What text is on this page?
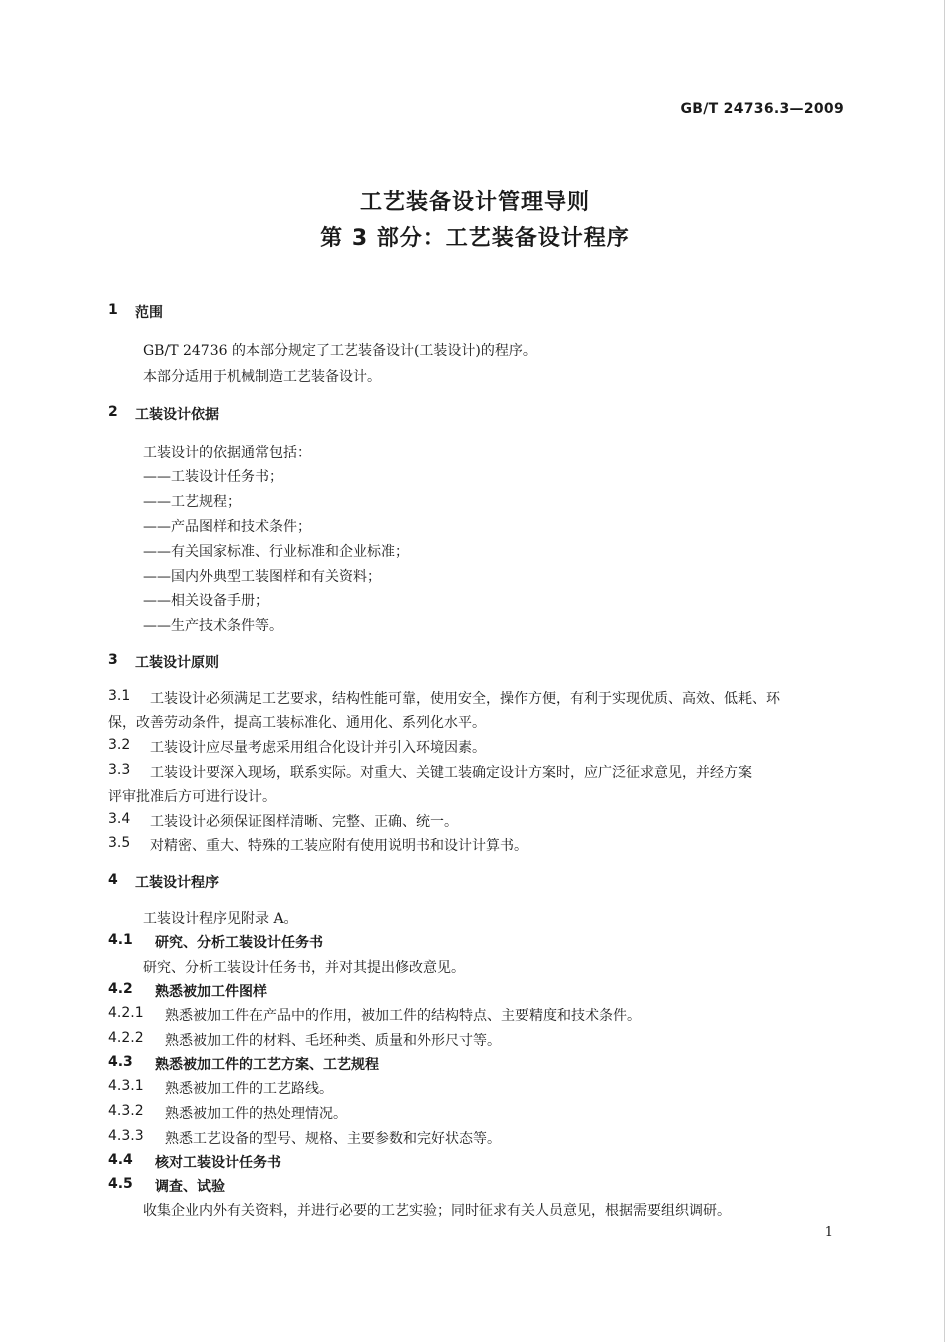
GB/T 24736.3—2009
工艺装备设计管理导则
第 3 部分：工艺装备设计程序
1 范围
GB/T 24736 的本部分规定了工艺装备设计(工装设计)的程序。
本部分适用于机械制造工艺装备设计。
2 工装设计依据
工装设计的依据通常包括：
——工装设计任务书；
——工艺规程；
——产品图样和技术条件；
——有关国家标准、行业标准和企业标准；
——国内外典型工装图样和有关资料；
——相关设备手册；
——生产技术条件等。
3 工装设计原则
3.1 工装设计必须满足工艺要求，结构性能可靠，使用安全，操作方便，有利于实现优质、高效、低耗、环
保，改善劳动条件，提高工装标准化、通用化、系列化水平。
3.2 工装设计应尽量考虑采用组合化设计并引入环境因素。
3.3 工装设计要深入现场，联系实际。对重大、关键工装确定设计方案时，应广泛征求意见，并经方案
评审批准后方可进行设计。
3.4 工装设计必须保证图样清晰、完整、正确、统一。
3.5 对精密、重大、特殊的工装应附有使用说明书和设计计算书。
4 工装设计程序
工装设计程序见附录 A。
4.1 研究、分析工装设计任务书
研究、分析工装设计任务书，并对其提出修改意见。
4.2 熟悉被加工件图样
4.2.1 熟悉被加工件在产品中的作用，被加工件的结构特点、主要精度和技术条件。
4.2.2 熟悉被加工件的材料、毛坯种类、质量和外形尺寸等。
4.3 熟悉被加工件的工艺方案、工艺规程
4.3.1 熟悉被加工件的工艺路线。
4.3.2 熟悉被加工件的热处理情况。
4.3.3 熟悉工艺设备的型号、规格、主要参数和完好状态等。
4.4 核对工装设计任务书
4.5 调查、试验
收集企业内外有关资料，并进行必要的工艺实验；同时征求有关人员意见，根据需要组织调研。
1
